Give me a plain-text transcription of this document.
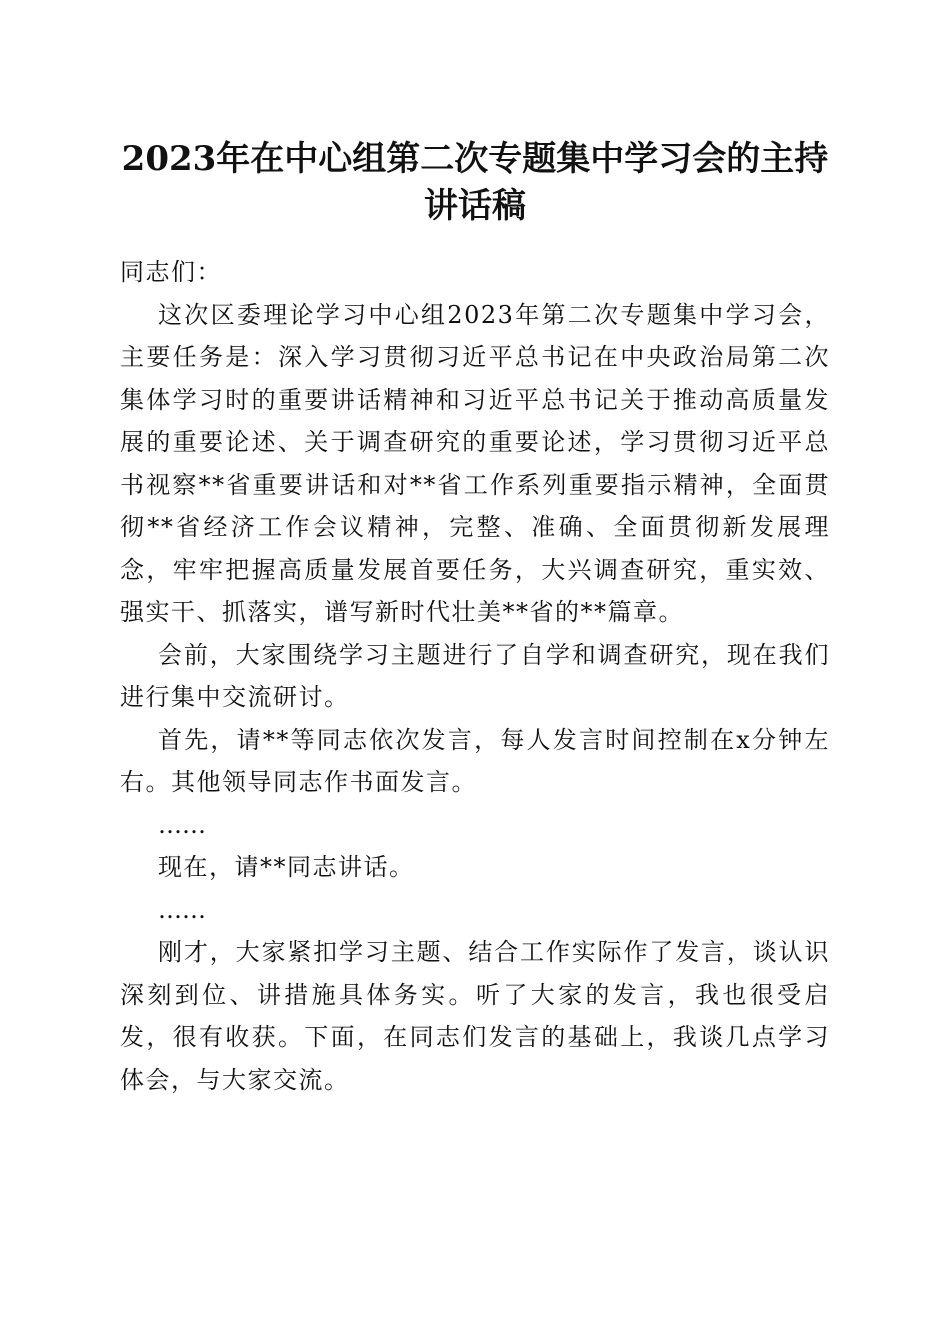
2023年在中心组第二次专题集中学习会的主持讲话稿

同志们：

这次区委理论学习中心组2023年第二次专题集中学习会，主要任务是：深入学习贯彻习近平总书记在中央政治局第二次集体学习时的重要讲话精神和习近平总书记关于推动高质量发展的重要论述、关于调查研究的重要论述，学习贯彻习近平总书视察**省重要讲话和对**省工作系列重要指示精神，全面贯彻**省经济工作会议精神，完整、准确、全面贯彻新发展理念，牢牢把握高质量发展首要任务，大兴调查研究，重实效、强实干、抓落实，谱写新时代壮美**省的**篇章。

会前，大家围绕学习主题进行了自学和调查研究，现在我们进行集中交流研讨。

首先，请**等同志依次发言，每人发言时间控制在x分钟左右。其他领导同志作书面发言。

……

现在，请**同志讲话。

……

刚才，大家紧扣学习主题、结合工作实际作了发言，谈认识深刻到位、讲措施具体务实。听了大家的发言，我也很受启发，很有收获。下面，在同志们发言的基础上，我谈几点学习体会，与大家交流。
